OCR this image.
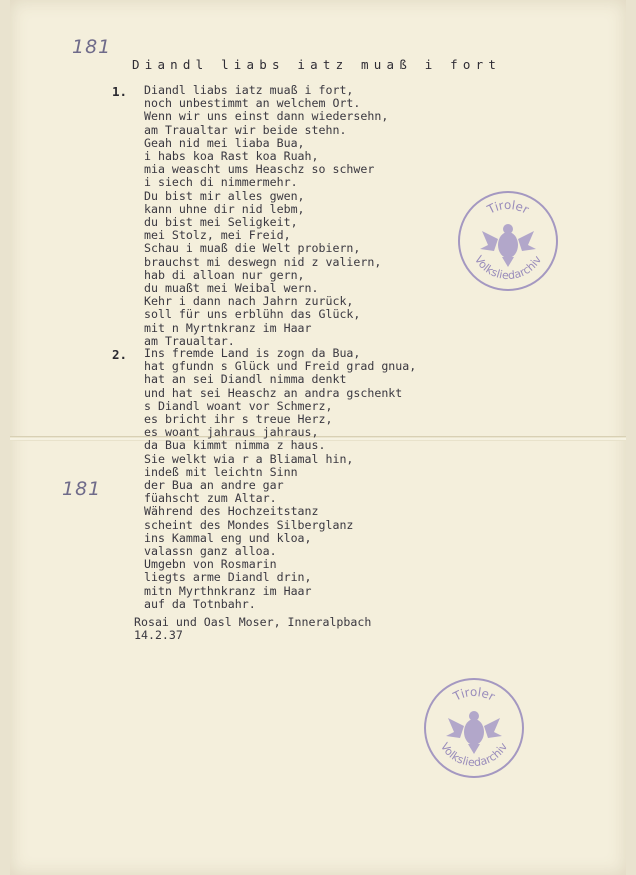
181
181
Diandl liabs iatz muaß i fort
1. Diandl liabs iatz muaß i fort,
noch unbestimmt an welchem Ort.
Wenn wir uns einst dann wiedersehn,
am Traualtar wir beide stehn.
Geah nid mei liaba Bua,
i habs koa Rast koa Ruah,
mia weascht ums Heaschz so schwer
i siech di nimmermehr.
Du bist mir alles gwen,
kann uhne dir nid lebm,
du bist mei Seligkeit,
mei Stolz, mei Freid,
Schau i muaß die Welt probiern,
brauchst mi deswegn nid z valiern,
hab di alloan nur gern,
du muaßt mei Weibal wern.
Kehr i dann nach Jahrn zurück,
soll für uns erblühn das Glück,
mit n Myrtnkranz im Haar
am Traualtar.
2. Ins fremde Land is zogn da Bua,
hat gfundn s Glück und Freid grad gnua,
hat an sei Diandl nimma denkt
und hat sei Heaschz an andra gschenkt
s Diandl woant vor Schmerz,
es bricht ihr s treue Herz,
es woant jahraus jahraus,
da Bua kimmt nimma z haus.
Sie welkt wia r a Bliamal hin,
indeß mit leichtn Sinn
der Bua an andre gar
füahscht zum Altar.
Während des Hochzeitstanz
scheint des Mondes Silberglanz
ins Kammal eng und kloa,
valassn ganz alloa.
Umgebn von Rosmarin
liegts arme Diandl drin,
mitn Myrthnkranz im Haar
auf da Totnbahr.
Rosai und Oasl Moser, Inneralpbach
14.2.37
Tiroler
Volksliedarchiv
Tiroler
Volksliedarchiv
